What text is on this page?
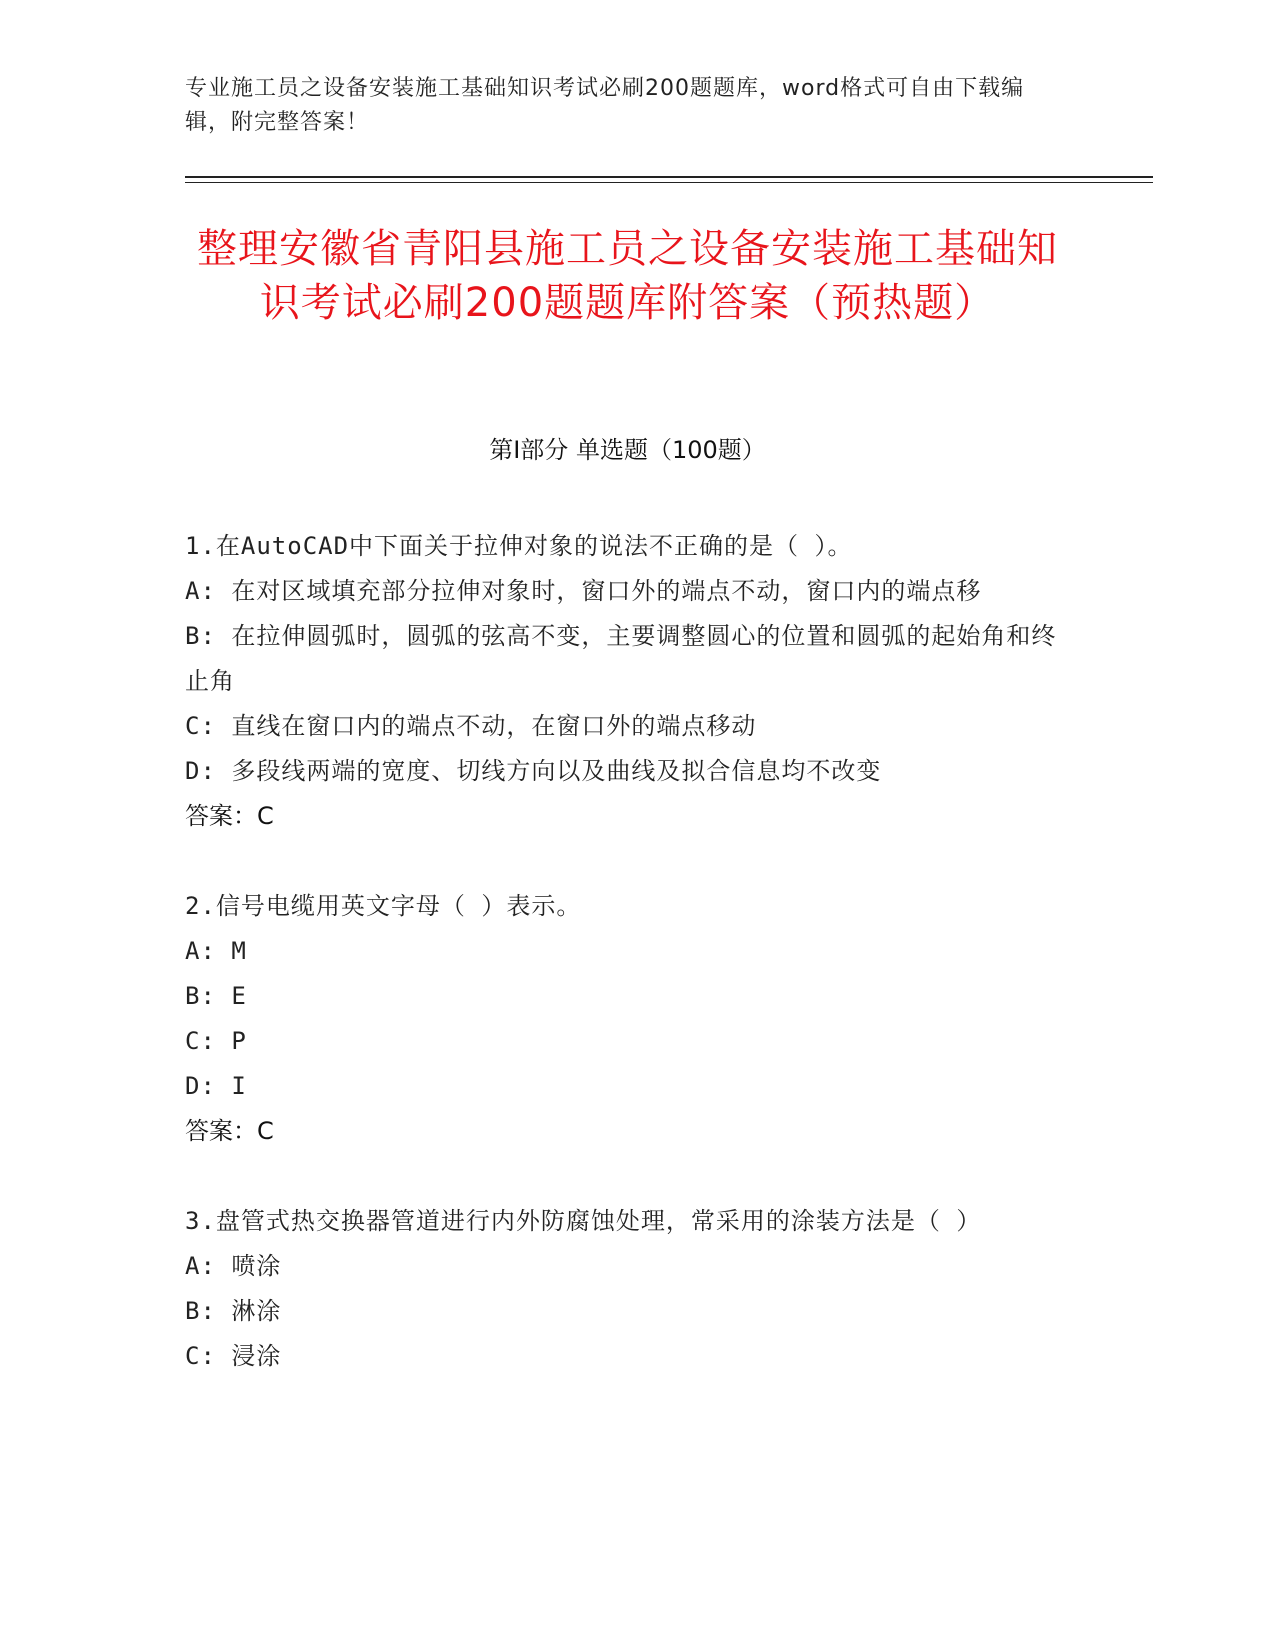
专业施工员之设备安装施工基础知识考试必刷200题题库，word格式可自由下载编辑，附完整答案！
整理安徽省青阳县施工员之设备安装施工基础知识考试必刷200题题库附答案（预热题）
第Ⅰ部分 单选题（100题）

1.在AutoCAD中下面关于拉伸对象的说法不正确的是（ ）。

A: 在对区域填充部分拉伸对象时，窗口外的端点不动，窗口内的端点移

B: 在拉伸圆弧时，圆弧的弦高不变，主要调整圆心的位置和圆弧的起始角和终止角

C: 直线在窗口内的端点不动，在窗口外的端点移动

D: 多段线两端的宽度、切线方向以及曲线及拟合信息均不改变

答案：C

2.信号电缆用英文字母（ ）表示。

A: M

B: E

C: P

D: I

答案：C

3.盘管式热交换器管道进行内外防腐蚀处理，常采用的涂装方法是（ ）

A: 喷涂

B: 淋涂

C: 浸涂
